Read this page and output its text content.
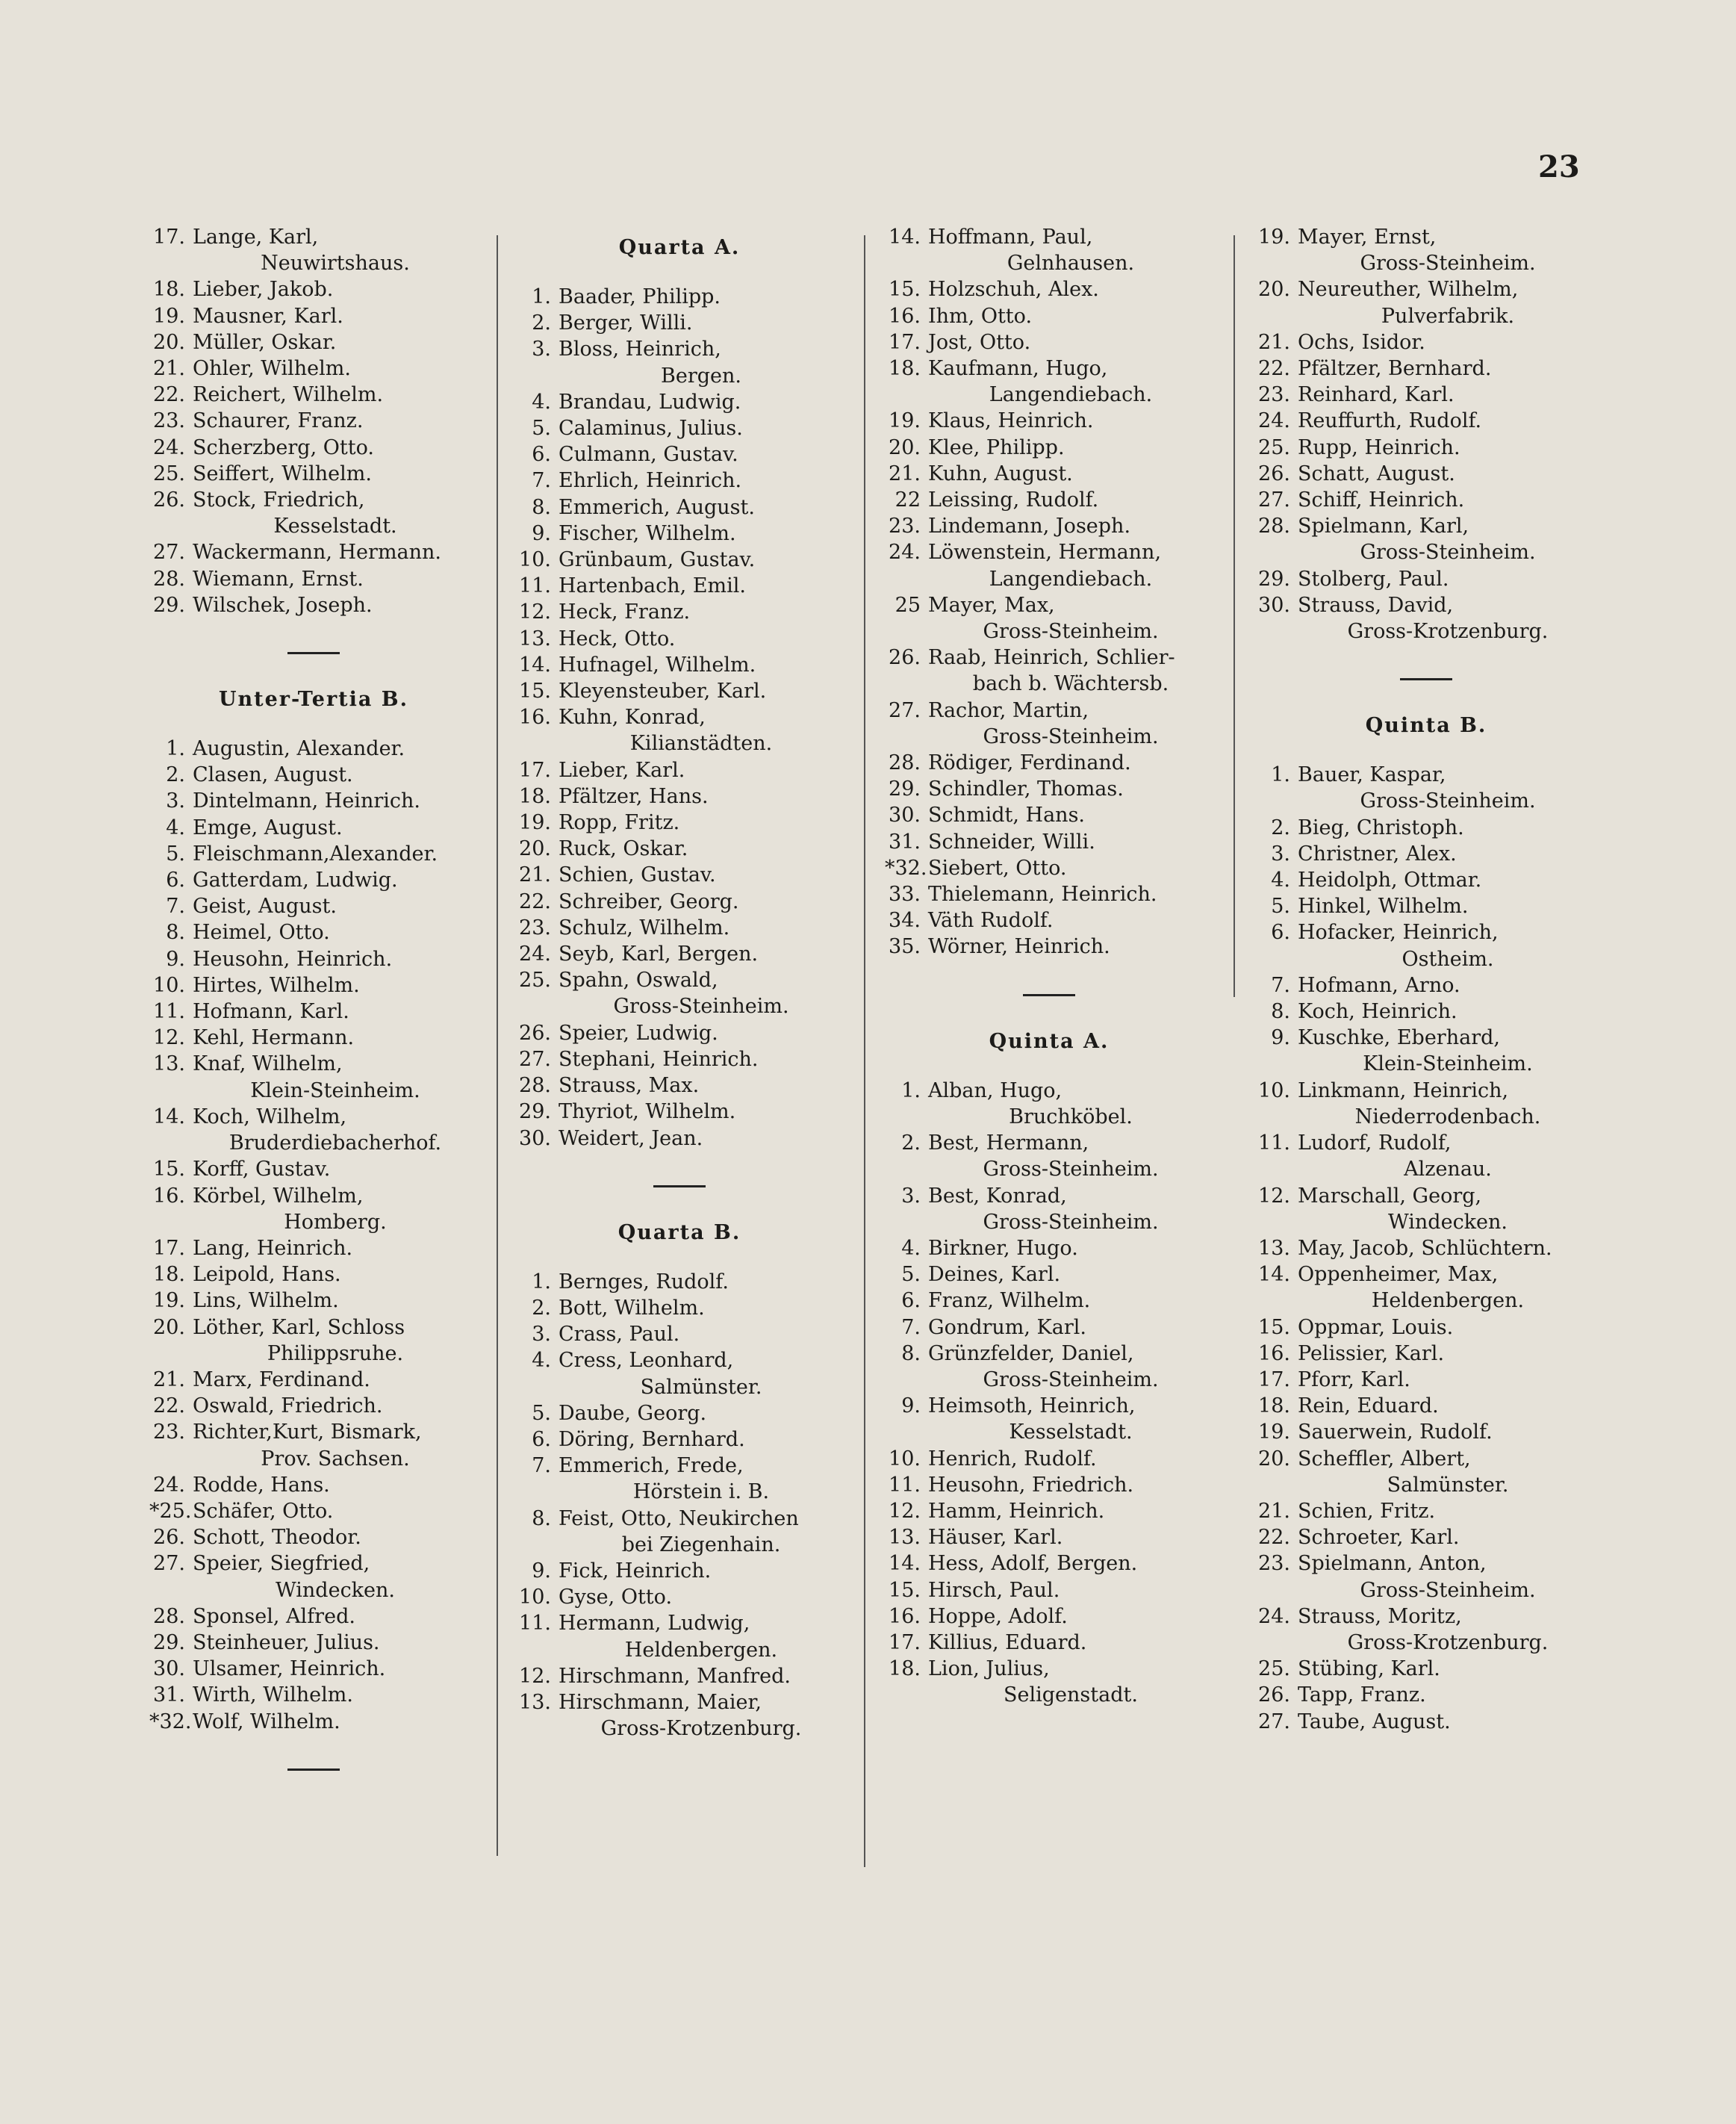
23
17. Lange, Karl,
Neuwirtshaus.
18. Lieber, Jakob.
19. Mausner, Karl.
20. Müller, Oskar.
21. Ohler, Wilhelm.
22. Reichert, Wilhelm.
23. Schaurer, Franz.
24. Scherzberg, Otto.
25. Seiffert, Wilhelm.
26. Stock, Friedrich,
Kesselstadt.
27. Wackermann, Hermann.
28. Wiemann, Ernst.
29. Wilschek, Joseph.
Unter-Tertia B.
1. Augustin, Alexander.
2. Clasen, August.
3. Dintelmann, Heinrich.
4. Emge, August.
5. Fleischmann,Alexander.
6. Gatterdam, Ludwig.
7. Geist, August.
8. Heimel, Otto.
9. Heusohn, Heinrich.
10. Hirtes, Wilhelm.
11. Hofmann, Karl.
12. Kehl, Hermann.
13. Knaf, Wilhelm,
Klein-Steinheim.
14. Koch, Wilhelm,
Bruderdiebacherhof.
15. Korff, Gustav.
16. Körbel, Wilhelm,
Homberg.
17. Lang, Heinrich.
18. Leipold, Hans.
19. Lins, Wilhelm.
20. Löther, Karl, Schloss
Philippsruhe.
21. Marx, Ferdinand.
22. Oswald, Friedrich.
23. Richter,Kurt, Bismark,
Prov. Sachsen.
24. Rodde, Hans.
*25. Schäfer, Otto.
26. Schott, Theodor.
27. Speier, Siegfried,
Windecken.
28. Sponsel, Alfred.
29. Steinheuer, Julius.
30. Ulsamer, Heinrich.
31. Wirth, Wilhelm.
*32. Wolf, Wilhelm.
Quarta A.
1. Baader, Philipp.
2. Berger, Willi.
3. Bloss, Heinrich,
Bergen.
4. Brandau, Ludwig.
5. Calaminus, Julius.
6. Culmann, Gustav.
7. Ehrlich, Heinrich.
8. Emmerich, August.
9. Fischer, Wilhelm.
10. Grünbaum, Gustav.
11. Hartenbach, Emil.
12. Heck, Franz.
13. Heck, Otto.
14. Hufnagel, Wilhelm.
15. Kleyensteuber, Karl.
16. Kuhn, Konrad,
Kilianstädten.
17. Lieber, Karl.
18. Pfältzer, Hans.
19. Ropp, Fritz.
20. Ruck, Oskar.
21. Schien, Gustav.
22. Schreiber, Georg.
23. Schulz, Wilhelm.
24. Seyb, Karl, Bergen.
25. Spahn, Oswald,
Gross-Steinheim.
26. Speier, Ludwig.
27. Stephani, Heinrich.
28. Strauss, Max.
29. Thyriot, Wilhelm.
30. Weidert, Jean.
Quarta B.
1. Bernges, Rudolf.
2. Bott, Wilhelm.
3. Crass, Paul.
4. Cress, Leonhard,
Salmünster.
5. Daube, Georg.
6. Döring, Bernhard.
7. Emmerich, Frede,
Hörstein i. B.
8. Feist, Otto, Neukirchen
bei Ziegenhain.
9. Fick, Heinrich.
10. Gyse, Otto.
11. Hermann, Ludwig,
Heldenbergen.
12. Hirschmann, Manfred.
13. Hirschmann, Maier,
Gross-Krotzenburg.
14. Hoffmann, Paul,
Gelnhausen.
15. Holzschuh, Alex.
16. Ihm, Otto.
17. Jost, Otto.
18. Kaufmann, Hugo,
Langendiebach.
19. Klaus, Heinrich.
20. Klee, Philipp.
21. Kuhn, August.
22 Leissing, Rudolf.
23. Lindemann, Joseph.
24. Löwenstein, Hermann,
Langendiebach.
25 Mayer, Max,
Gross-Steinheim.
26. Raab, Heinrich, Schlier-
bach b. Wächtersb.
27. Rachor, Martin,
Gross-Steinheim.
28. Rödiger, Ferdinand.
29. Schindler, Thomas.
30. Schmidt, Hans.
31. Schneider, Willi.
*32. Siebert, Otto.
33. Thielemann, Heinrich.
34. Väth Rudolf.
35. Wörner, Heinrich.
Quinta A.
1. Alban, Hugo,
Bruchköbel.
2. Best, Hermann,
Gross-Steinheim.
3. Best, Konrad,
Gross-Steinheim.
4. Birkner, Hugo.
5. Deines, Karl.
6. Franz, Wilhelm.
7. Gondrum, Karl.
8. Grünzfelder, Daniel,
Gross-Steinheim.
9. Heimsoth, Heinrich,
Kesselstadt.
10. Henrich, Rudolf.
11. Heusohn, Friedrich.
12. Hamm, Heinrich.
13. Häuser, Karl.
14. Hess, Adolf, Bergen.
15. Hirsch, Paul.
16. Hoppe, Adolf.
17. Killius, Eduard.
18. Lion, Julius,
Seligenstadt.
19. Mayer, Ernst,
Gross-Steinheim.
20. Neureuther, Wilhelm,
Pulverfabrik.
21. Ochs, Isidor.
22. Pfältzer, Bernhard.
23. Reinhard, Karl.
24. Reuffurth, Rudolf.
25. Rupp, Heinrich.
26. Schatt, August.
27. Schiff, Heinrich.
28. Spielmann, Karl,
Gross-Steinheim.
29. Stolberg, Paul.
30. Strauss, David,
Gross-Krotzenburg.
Quinta B.
1. Bauer, Kaspar,
Gross-Steinheim.
2. Bieg, Christoph.
3. Christner, Alex.
4. Heidolph, Ottmar.
5. Hinkel, Wilhelm.
6. Hofacker, Heinrich,
Ostheim.
7. Hofmann, Arno.
8. Koch, Heinrich.
9. Kuschke, Eberhard,
Klein-Steinheim.
10. Linkmann, Heinrich,
Niederrodenbach.
11. Ludorf, Rudolf,
Alzenau.
12. Marschall, Georg,
Windecken.
13. May, Jacob, Schlüchtern.
14. Oppenheimer, Max,
Heldenbergen.
15. Oppmar, Louis.
16. Pelissier, Karl.
17. Pforr, Karl.
18. Rein, Eduard.
19. Sauerwein, Rudolf.
20. Scheffler, Albert,
Salmünster.
21. Schien, Fritz.
22. Schroeter, Karl.
23. Spielmann, Anton,
Gross-Steinheim.
24. Strauss, Moritz,
Gross-Krotzenburg.
25. Stübing, Karl.
26. Tapp, Franz.
27. Taube, August.
